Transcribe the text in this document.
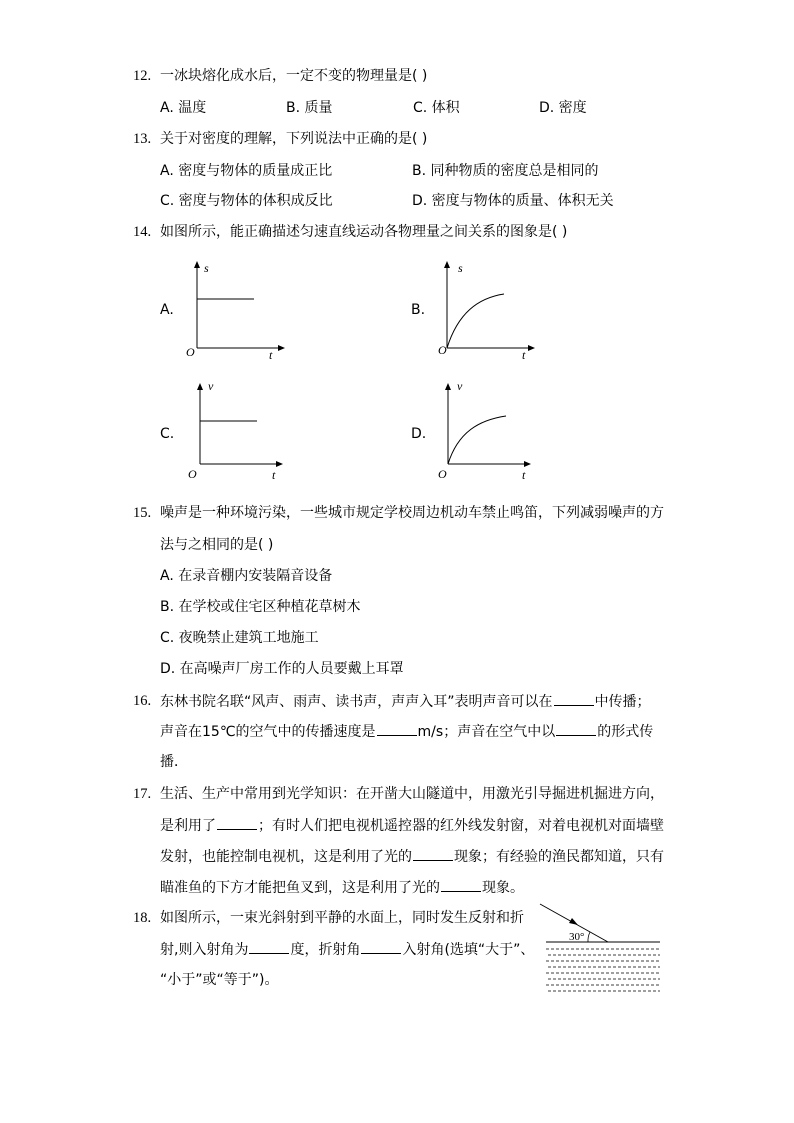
12. 一冰块熔化成水后，一定不变的物理量是( )
A. 温度	B. 质量	C. 体积	D. 密度
13. 关于对密度的理解，下列说法中正确的是( )
A. 密度与物体的质量成正比	B. 同种物质的密度总是相同的
C. 密度与物体的体积成反比	D. 密度与物体的质量、体积无关
14. 如图所示，能正确描述匀速直线运动各物理量之间关系的图象是( )
A.	B.
C.	D.
s
t
O
s
t
O
v
t
O
v
t
O
15. 噪声是一种环境污染，一些城市规定学校周边机动车禁止鸣笛，下列减弱噪声的方
法与之相同的是( )
A. 在录音棚内安装隔音设备
B. 在学校或住宅区种植花草树木
C. 夜晚禁止建筑工地施工
D. 在高噪声厂房工作的人员要戴上耳罩
16. 东林书院名联“风声、雨声、读书声，声声入耳”表明声音可以在	中传播；
声音在15℃的空气中的传播速度是	m/s；声音在空气中以	的形式传
播．
17. 生活、生产中常用到光学知识：在开凿大山隧道中，用激光引导掘进机掘进方向，
是利用了	；有时人们把电视机遥控器的红外线发射窗，对着电视机对面墙壁
发射，也能控制电视机，这是利用了光的	现象；有经验的渔民都知道，只有
瞄准鱼的下方才能把鱼叉到，这是利用了光的	现象。
18. 如图所示，一束光斜射到平静的水面上，同时发生反射和折
射,则入射角为	度，折射角	入射角(选填“大于”、
“小于”或“等于”)。
30°
